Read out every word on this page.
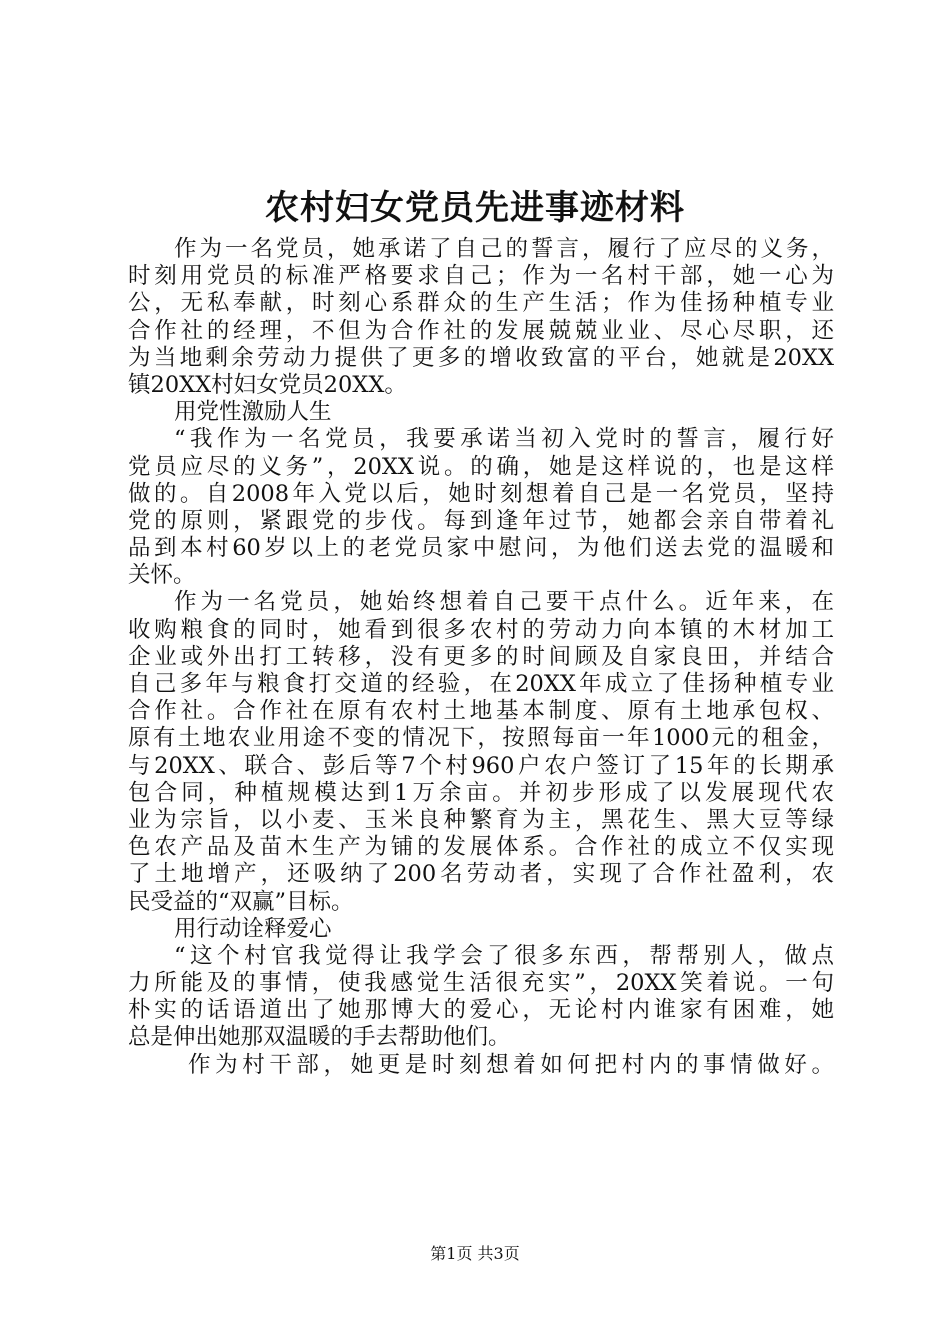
农村妇女党员先进事迹材料
作为一名党员，她承诺了自己的誓言，履行了应尽的义务，
时刻用党员的标准严格要求自己；作为一名村干部，她一心为
公，无私奉献，时刻心系群众的生产生活；作为佳扬种植专业
合作社的经理，不但为合作社的发展兢兢业业、尽心尽职，还
为当地剩余劳动力提供了更多的增收致富的平台，她就是20XX
镇20XX村妇女党员20XX。
用党性激励人生
“我作为一名党员，我要承诺当初入党时的誓言，履行好
党员应尽的义务”，20XX说。的确，她是这样说的，也是这样
做的。自2008年入党以后，她时刻想着自己是一名党员，坚持
党的原则，紧跟党的步伐。每到逢年过节，她都会亲自带着礼
品到本村60岁以上的老党员家中慰问，为他们送去党的温暖和
关怀。
作为一名党员，她始终想着自己要干点什么。近年来，在
收购粮食的同时，她看到很多农村的劳动力向本镇的木材加工
企业或外出打工转移，没有更多的时间顾及自家良田，并结合
自己多年与粮食打交道的经验，在20XX年成立了佳扬种植专业
合作社。合作社在原有农村土地基本制度、原有土地承包权、
原有土地农业用途不变的情况下，按照每亩一年1000元的租金，
与20XX、联合、彭后等7个村960户农户签订了15年的长期承
包合同，种植规模达到1万余亩。并初步形成了以发展现代农
业为宗旨，以小麦、玉米良种繁育为主，黑花生、黑大豆等绿
色农产品及苗木生产为铺的发展体系。合作社的成立不仅实现
了土地增产，还吸纳了200名劳动者，实现了合作社盈利，农
民受益的“双赢”目标。
用行动诠释爱心
“这个村官我觉得让我学会了很多东西，帮帮别人，做点
力所能及的事情，使我感觉生活很充实”，20XX笑着说。一句
朴实的话语道出了她那博大的爱心，无论村内谁家有困难，她
总是伸出她那双温暖的手去帮助他们。
作为村干部，她更是时刻想着如何把村内的事情做好。
第1页 共3页
